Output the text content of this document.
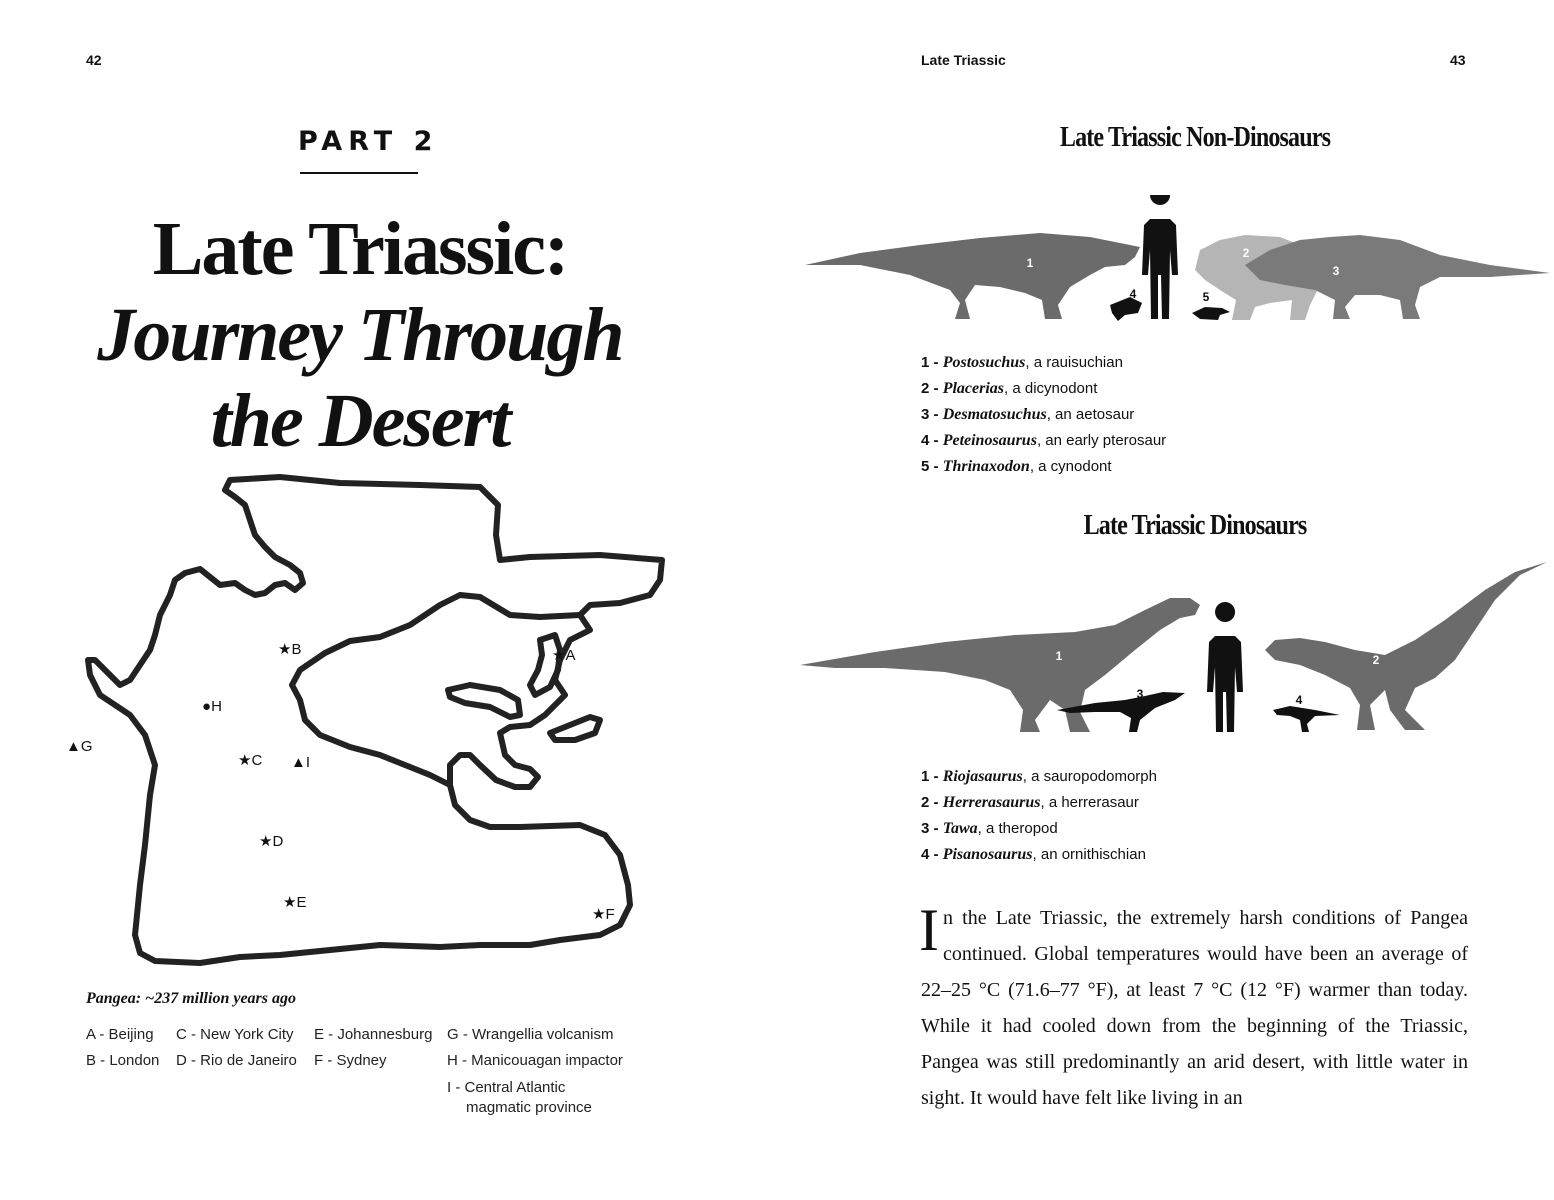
42
PART 2
Late Triassic:
Journey Through
the Desert
★A
★B
★C
★D
★E
★F
▲G
●H
▲I
Pangea: ~237 million years ago
A - Beijing
B - London
C - New York City
D - Rio de Janeiro
E - Johannesburg
F - Sydney
G - Wrangellia volcanism
H - Manicouagan impactor
I - Central Atlantic
magmatic province
Late Triassic	43
Late Triassic Non-Dinosaurs
1
2
3
4	5
1 - Postosuchus, a rauisuchian
2 - Placerias, a dicynodont
3 - Desmatosuchus, an aetosaur
4 - Peteinosaurus, an early pterosaur
5 - Thrinaxodon, a cynodont
Late Triassic Dinosaurs
1	2
3	4
1 - Riojasaurus, a sauropodomorph
2 - Herrerasaurus, a herrerasaur
3 - Tawa, a theropod
4 - Pisanosaurus, an ornithischian
In the Late Triassic, the extremely harsh conditions of Pangea continued. Global temperatures would have been an average of 22–25 °C (71.6–77 °F), at least 7 °C (12 °F) warmer than today. While it had cooled down from the beginning of the Triassic, Pangea was still predominantly an arid desert, with little water in sight. It would have felt like living in an
